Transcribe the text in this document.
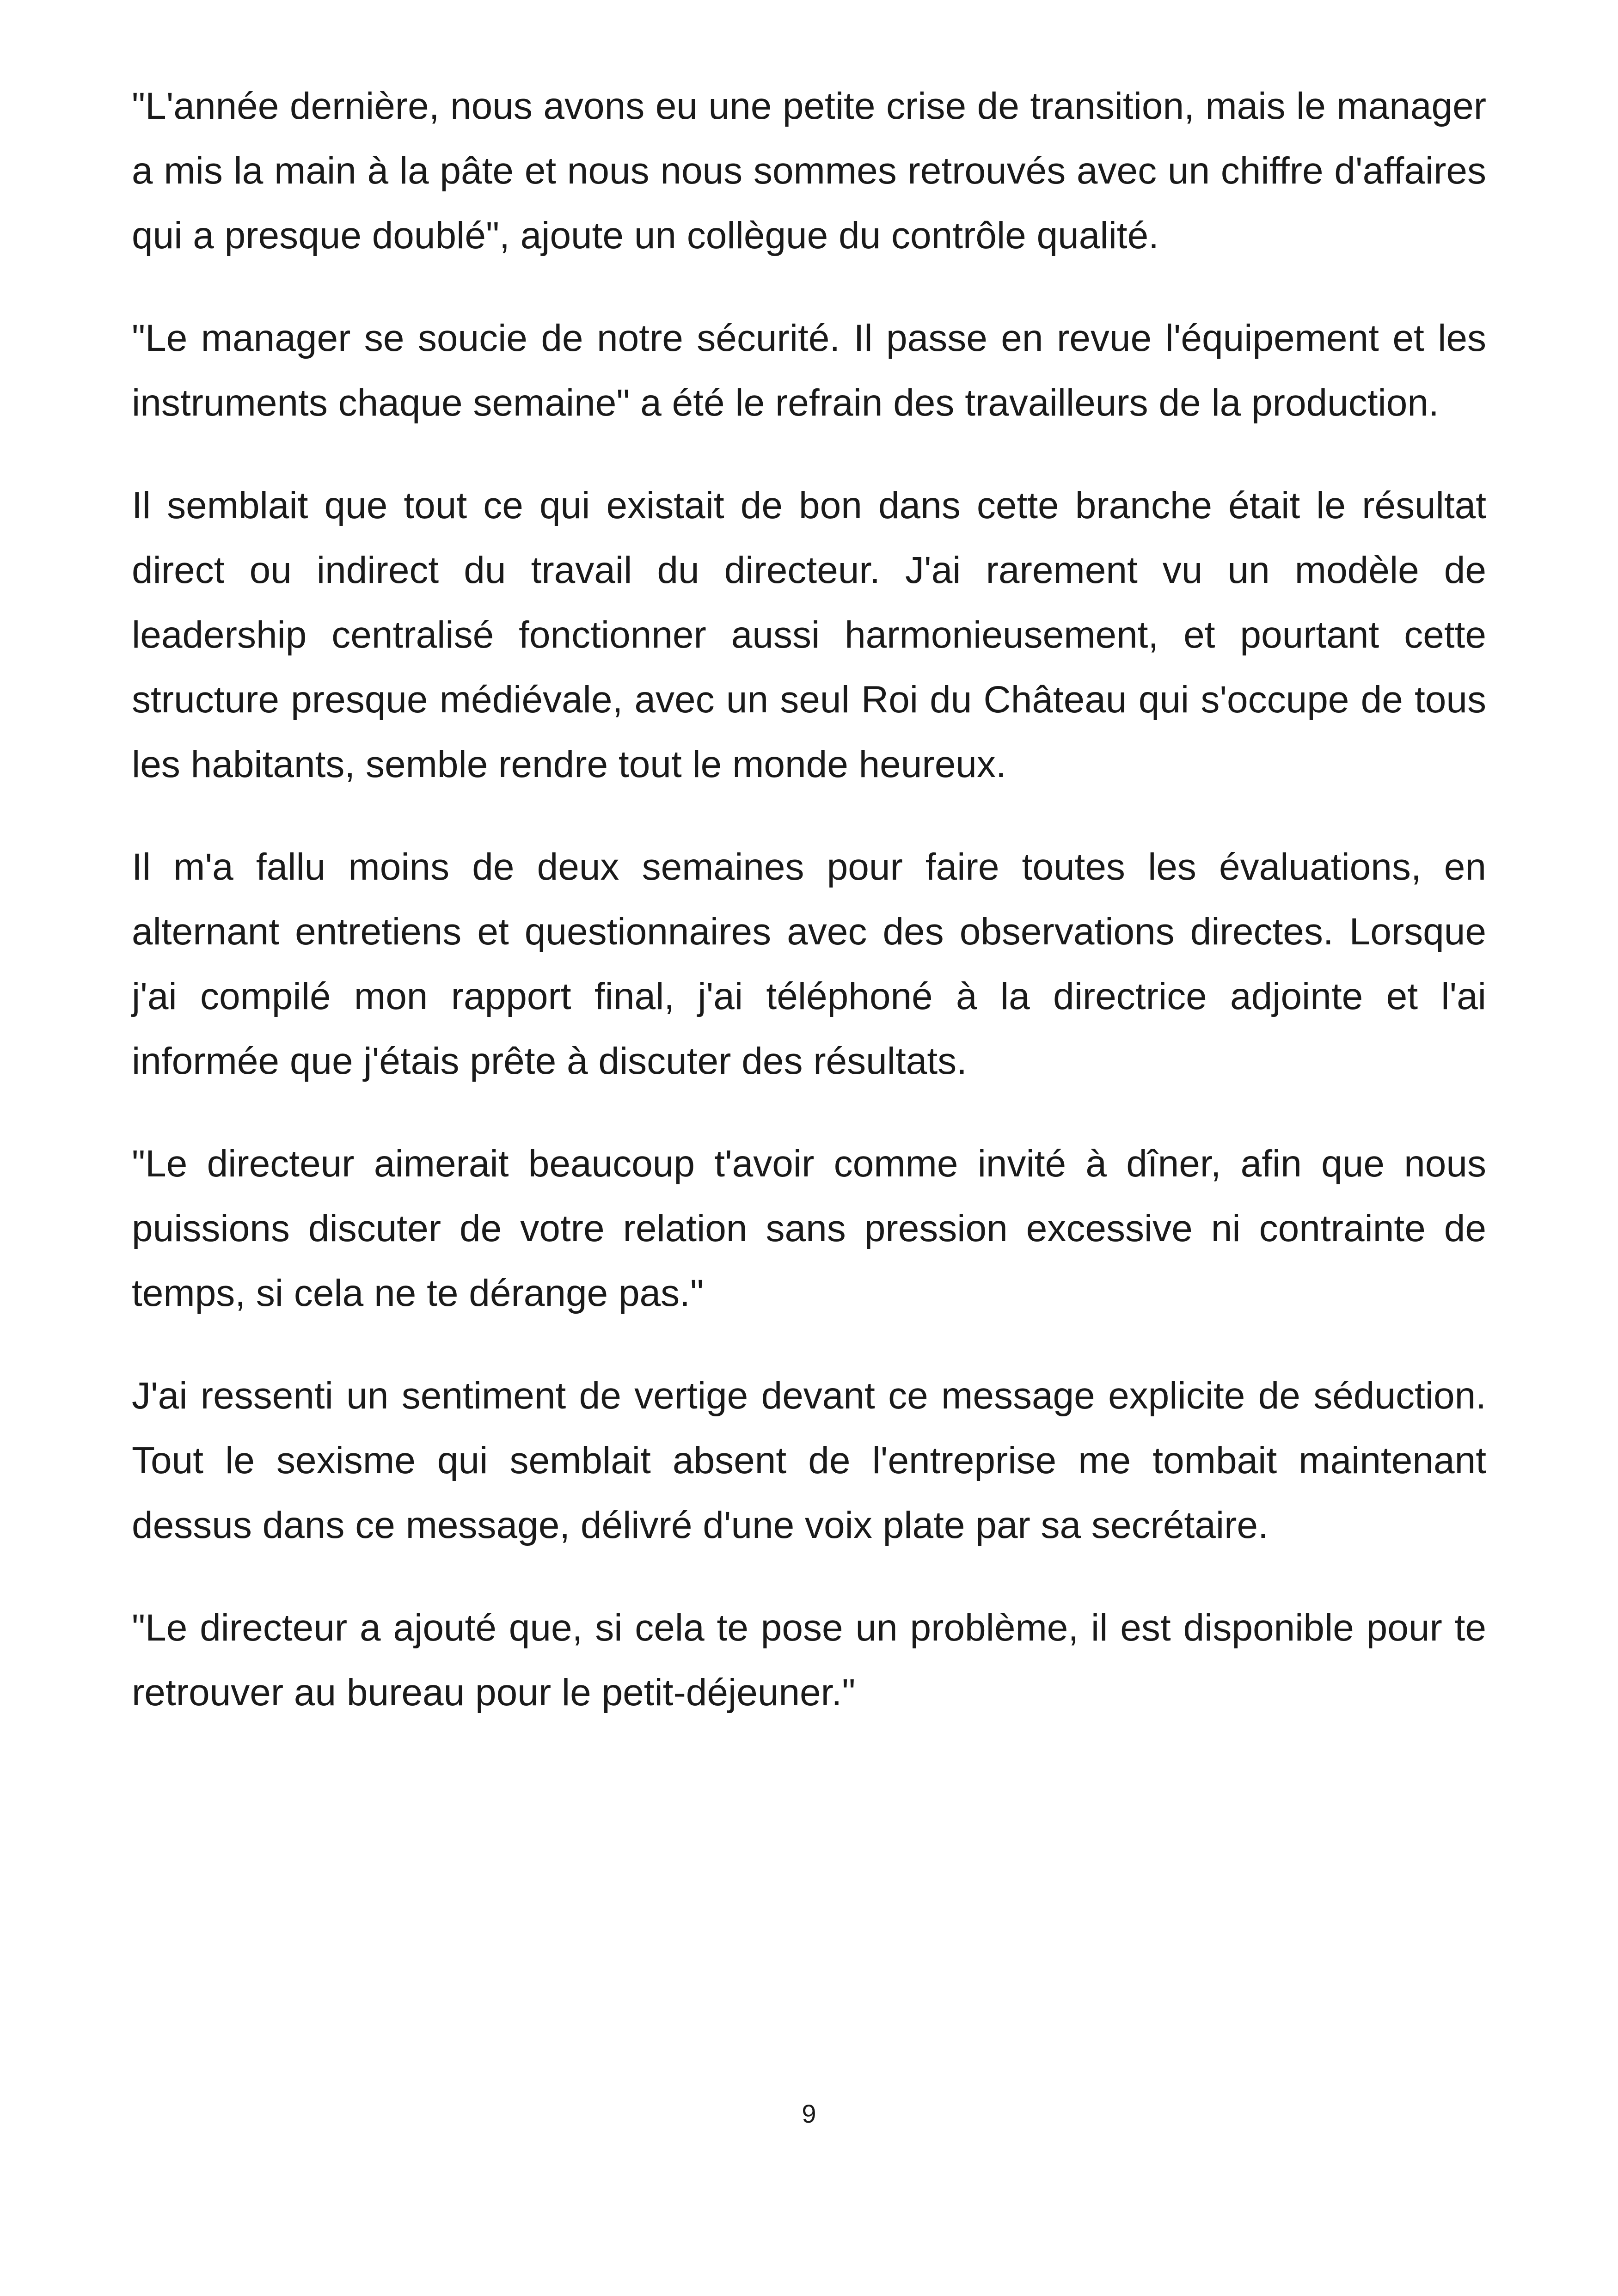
"L'année dernière, nous avons eu une petite crise de transition, mais le manager a mis la main à la pâte et nous nous sommes retrouvés avec un chiffre d'affaires qui a presque doublé", ajoute un collègue du contrôle qualité.

"Le manager se soucie de notre sécurité. Il passe en revue l'équipement et les instruments chaque semaine" a été le refrain des travailleurs de la production.

Il semblait que tout ce qui existait de bon dans cette branche était le résultat direct ou indirect du travail du directeur. J'ai rarement vu un modèle de leadership centralisé fonctionner aussi harmonieusement, et pourtant cette structure presque médiévale, avec un seul Roi du Château qui s'occupe de tous les habitants, semble rendre tout le monde heureux.

Il m'a fallu moins de deux semaines pour faire toutes les évaluations, en alternant entretiens et questionnaires avec des observations directes. Lorsque j'ai compilé mon rapport final, j'ai téléphoné à la directrice adjointe et l'ai informée que j'étais prête à discuter des résultats.

"Le directeur aimerait beaucoup t'avoir comme invité à dîner, afin que nous puissions discuter de votre relation sans pression excessive ni contrainte de temps, si cela ne te dérange pas."

J'ai ressenti un sentiment de vertige devant ce message explicite de séduction. Tout le sexisme qui semblait absent de l'entreprise me tombait maintenant dessus dans ce message, délivré d'une voix plate par sa secrétaire.

"Le directeur a ajouté que, si cela te pose un problème, il est disponible pour te retrouver au bureau pour le petit-déjeuner."

9
